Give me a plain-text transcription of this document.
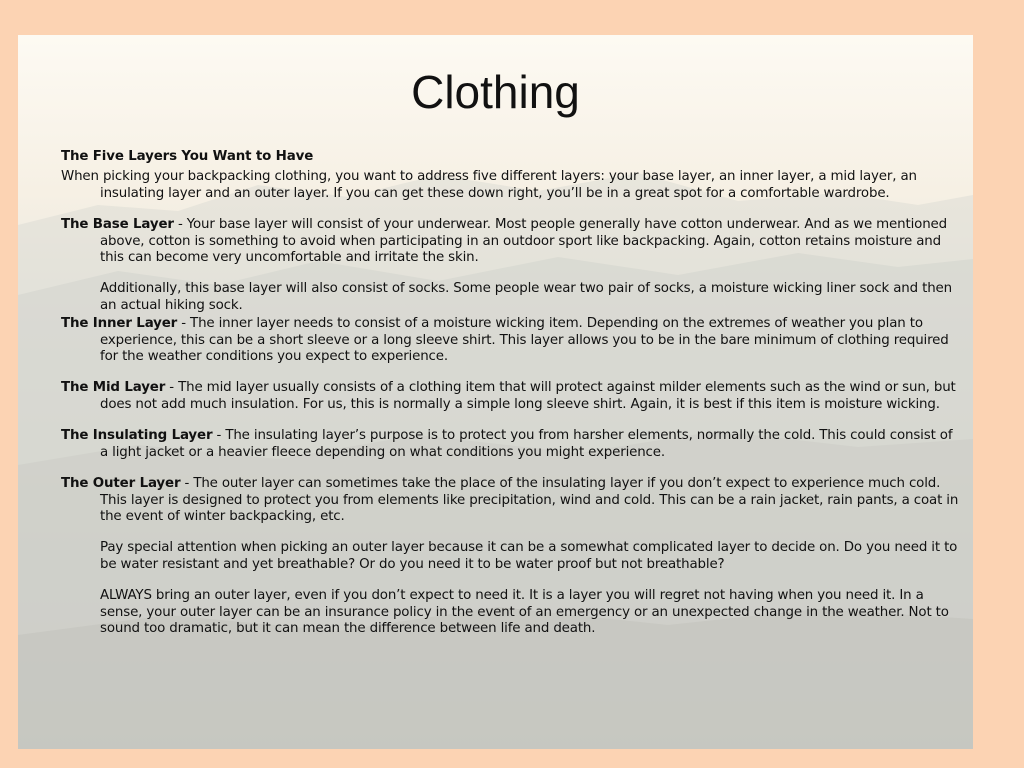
Clothing

The Five Layers You Want to Have

When picking your backpacking clothing, you want to address five different layers: your base layer, an inner layer, a mid layer, an insulating layer and an outer layer. If you can get these down right, you’ll be in a great spot for a comfortable wardrobe.

The Base Layer - Your base layer will consist of your underwear. Most people generally have cotton underwear. And as we mentioned above, cotton is something to avoid when participating in an outdoor sport like backpacking. Again, cotton retains moisture and this can become very uncomfortable and irritate the skin.

Additionally, this base layer will also consist of socks. Some people wear two pair of socks, a moisture wicking liner sock and then an actual hiking sock.

The Inner Layer - The inner layer needs to consist of a moisture wicking item. Depending on the extremes of weather you plan to experience, this can be a short sleeve or a long sleeve shirt. This layer allows you to be in the bare minimum of clothing required for the weather conditions you expect to experience.

The Mid Layer - The mid layer usually consists of a clothing item that will protect against milder elements such as the wind or sun, but does not add much insulation. For us, this is normally a simple long sleeve shirt. Again, it is best if this item is moisture wicking.

The Insulating Layer - The insulating layer’s purpose is to protect you from harsher elements, normally the cold. This could consist of a light jacket or a heavier fleece depending on what conditions you might experience.

The Outer Layer - The outer layer can sometimes take the place of the insulating layer if you don’t expect to experience much cold. This layer is designed to protect you from elements like precipitation, wind and cold. This can be a rain jacket, rain pants, a coat in the event of winter backpacking, etc.

Pay special attention when picking an outer layer because it can be a somewhat complicated layer to decide on. Do you need it to be water resistant and yet breathable? Or do you need it to be water proof but not breathable?

ALWAYS bring an outer layer, even if you don’t expect to need it. It is a layer you will regret not having when you need it. In a sense, your outer layer can be an insurance policy in the event of an emergency or an unexpected change in the weather. Not to sound too dramatic, but it can mean the difference between life and death.
